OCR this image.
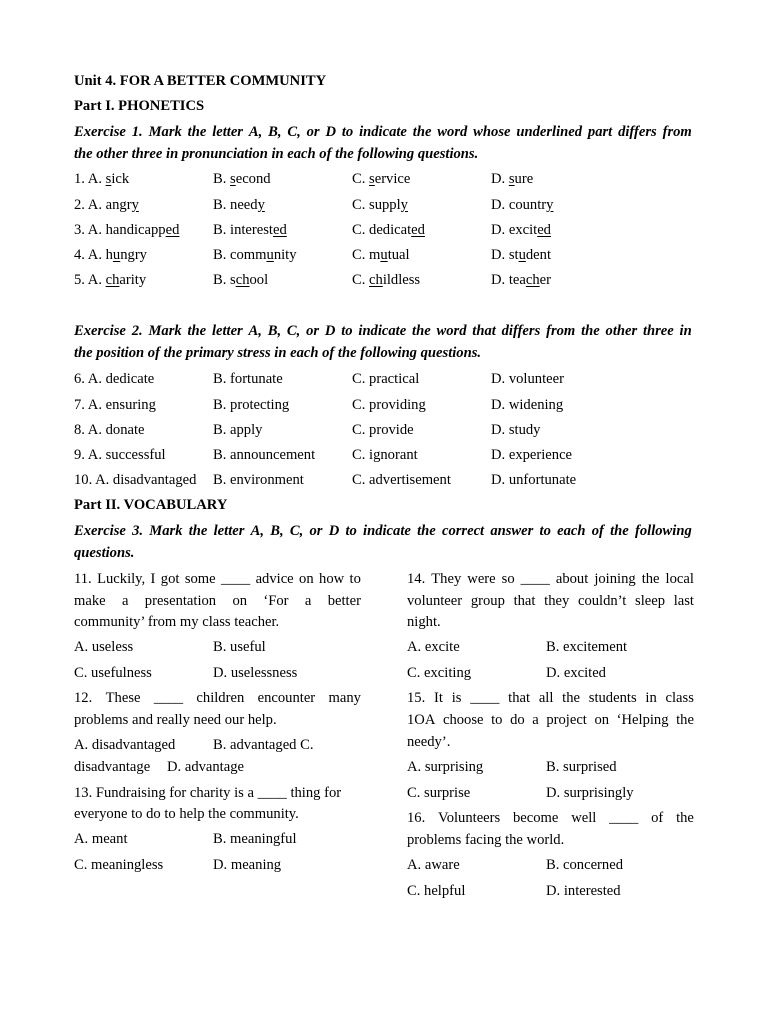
Unit 4. FOR A BETTER COMMUNITY
Part I. PHONETICS
Exercise 1. Mark the letter A, B, C, or D to indicate the word whose underlined part differs from
the other three in pronunciation in each of the following questions.
1. A. sick	B. second	C. service	D. sure
2. A. angry	B. needy	C. supply	D. country
3. A. handicapped B. interested	C. dedicated	D. excited
4. A. hungry	B. community	C. mutual	D. student
5. A. charity	B. school	C. childless	D. teacher
Exercise 2. Mark the letter A, B, C, or D to indicate the word that differs from the other three in
the position of the primary stress in each of the following questions.
6. A. dedicate	B. fortunate	C. practical	D. volunteer
7. A. ensuring	B. protecting	C. providing	D. widening
8. A. donate	B. apply	C. provide	D. study
9. A. successful	B. announcement	C. ignorant	D. experience
10. A. disadvantaged B. environment	C. advertisement	D. unfortunate
Part II. VOCABULARY
Exercise 3. Mark the letter A, B, C, or D to indicate the correct answer to each of the following
questions.
11. Luckily, I got some ____ advice on how to
make a presentation on ‘For a better
community’ from my class teacher.
A. useless	B. useful
C. usefulness	D. uselessness
12. These ____ children encounter many
problems and really need our help.
A. disadvantaged	B. advantaged C.
disadvantage D. advantage
13. Fundraising for charity is a ____ thing for
everyone to do to help the community.
A. meant	B. meaningful
C. meaningless	D. meaning
14. They were so ____ about joining the local
volunteer group that they couldn’t sleep last
night.
A. excite	B. excitement
C. exciting	D. excited
15. It is ____ that all the students in class
1OA choose to do a project on ‘Helping the
needy’.
A. surprising	B. surprised
C. surprise	D. surprisingly
16. Volunteers become well ____ of the
problems facing the world.
A. aware	B. concerned
C. helpful	D. interested
